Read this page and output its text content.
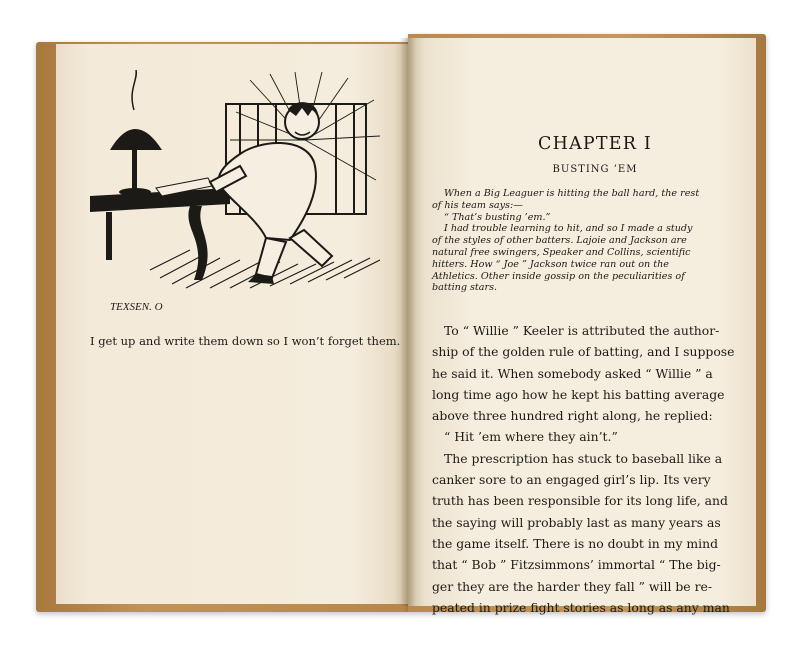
TEXSEN. O
I get up and write them down so I won’t forget them.
CHAPTER I
BUSTING ’EM
When a Big Leaguer is hitting the ball hard, the rest
of his team says:—
“ That’s busting ’em.”
I had trouble learning to hit, and so I made a study
of the styles of other batters. Lajoie and Jackson are
natural free swingers, Speaker and Collins, scientific
hitters. How “ Joe ” Jackson twice ran out on the
Athletics. Other inside gossip on the peculiarities of
batting stars.
To “ Willie ” Keeler is attributed the author-
ship of the golden rule of batting, and I suppose
he said it. When somebody asked “ Willie ” a
long time ago how he kept his batting average
above three hundred right along, he replied:
“ Hit ’em where they ain’t.”
The prescription has stuck to baseball like a
canker sore to an engaged girl’s lip. Its very
truth has been responsible for its long life, and
the saying will probably last as many years as
the game itself. There is no doubt in my mind
that “ Bob ” Fitzsimmons’ immortal “ The big-
ger they are the harder they fall ” will be re-
peated in prize fight stories as long as any man
